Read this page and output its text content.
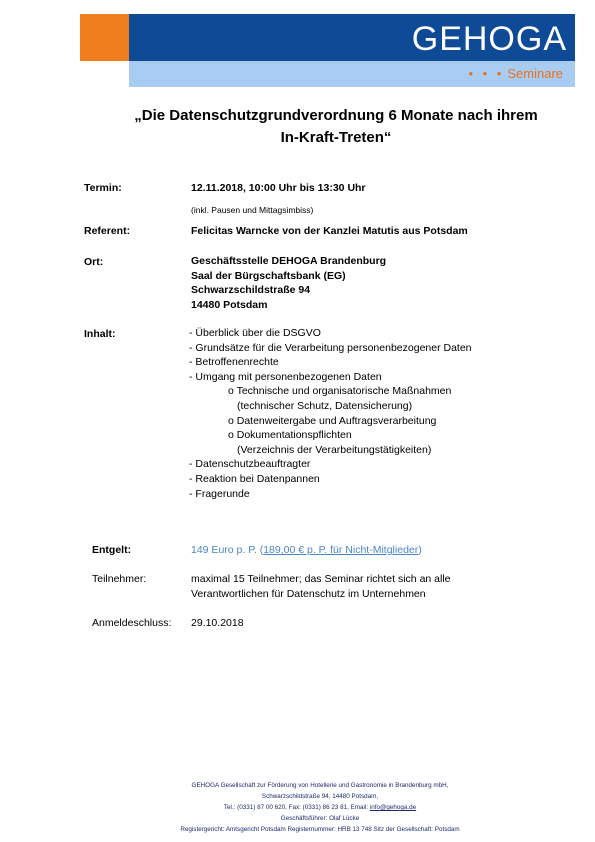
GEHOGA
• • • Seminare
„Die Datenschutzgrundverordnung 6 Monate nach ihrem
In-Kraft-Treten“
Termin:	12.11.2018, 10:00 Uhr bis 13:30 Uhr
(inkl. Pausen und Mittagsimbiss)
Referent:	Felicitas Warncke von der Kanzlei Matutis aus Potsdam
Ort:	Geschäftsstelle DEHOGA Brandenburg
Saal der Bürgschaftsbank (EG)
Schwarzschildstraße 94
14480 Potsdam
Inhalt:	- Überblick über die DSGVO
- Grundsätze für die Verarbeitung personenbezogener Daten
- Betroffenenrechte
- Umgang mit personenbezogenen Daten
o Technische und organisatorische Maßnahmen
(technischer Schutz, Datensicherung)
o Datenweitergabe und Auftragsverarbeitung
o Dokumentationspflichten
(Verzeichnis der Verarbeitungstätigkeiten)
- Datenschutzbeauftragter
- Reaktion bei Datenpannen
- Fragerunde
Entgelt:	149 Euro p. P. (189,00 € p. P. für Nicht-Mitglieder)
Teilnehmer:	maximal 15 Teilnehmer; das Seminar richtet sich an alle
Verantwortlichen für Datenschutz im Unternehmen
Anmeldeschluss: 29.10.2018
GEHOGA Gesellschaft zur Förderung von Hotellerie und Gastronomie in Brandenburg mbH,
Schwarzschildstraße 94, 14480 Potsdam,
Tel.: (0331) 87 00 620, Fax: (0331) 86 23 81, Email: info@gehoga.de
Geschäftsführer: Olaf Lücke
Registergericht: Amtsgericht Potsdam Registernummer: HRB 13 748 Sitz der Gesellschaft: Potsdam
